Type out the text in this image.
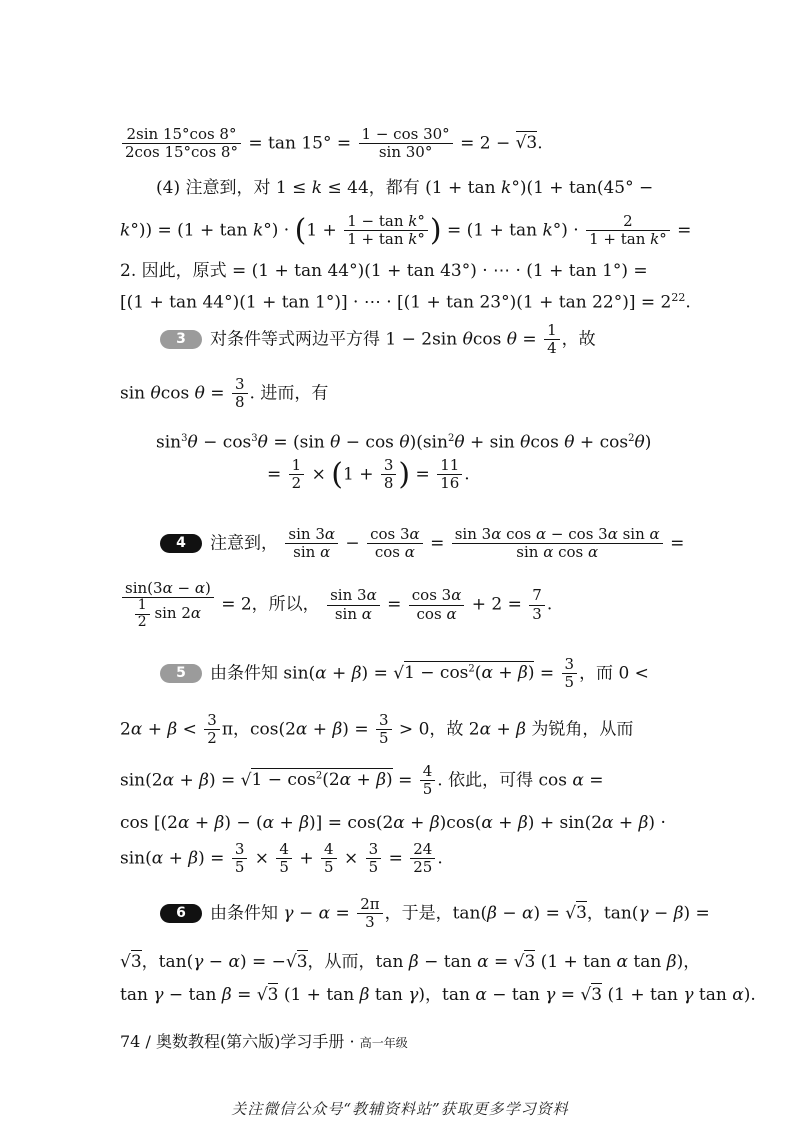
$\frac{2\sin 15^\circ\cos 8^\circ}{2\cos 15^\circ\cos 8^\circ} = \tan 15^\circ = \frac{1 - \cos 30^\circ}{\sin 30^\circ} = 2 - √3$.
(4) 注意到，对 1 ≤ k ≤ 44，都有 (1 + tan k°)(1 + tan(45° −
$k^\circ)) = (1 + \tan k^\circ) \cdot (1 + \frac{\text{1 − tan k°}}{\text{1 + tan k°}}$ ) = $(1 + \tan k^\circ) \cdot \frac{2}{\text{1 + tan k°}}$ =
2. 因此，原式 = (1 + tan 44°)(1 + tan 43°) · ⋯ · (1 + tan 1°) =
[(1 + tan 44°)(1 + tan 1°)] · ⋯ · $[(1 + \tan 23^\circ)(1 + \tan 22^\circ)] = 2^{22}$.
3 对条件等式两边平方得 1 − 2sin θcos $\theta = \frac{1}{4}$ ，故
sin θcos $\theta = \frac{3}{8}$ . 进而，有
$\sin^3\theta - \cos^3\theta = (\sin$ $\theta - \cos \theta)(\sin^2\theta + \sin \theta\cos$ $\theta + \cos^2\theta$)
= $\frac{1}{2} \times (1 + \frac{3}{8}$ ) = $\frac{11}{16}$ .
4 注意到， $\frac{\sin 3\alpha}{\text{sin α}} - \frac{\cos 3\alpha}{\text{cos α}} = \frac{\text{sin 3α cos α − cos 3α sin α}}{\text{sin α cos α}}$ =
$\frac{\sin(3\alpha - \alpha)}{\frac{1}{2} \sin 2\alpha} = 2$，所以， $\frac{\sin 3\alpha}{\text{sin α}} = \frac{\cos 3\alpha}{\text{cos α}} + 2 = \frac{7}{3}$ .
5 由条件知 $\sin(\alpha + \beta) = √1 - \cos^2(\alpha + \beta) = \frac{3}{5}$ ，而 0 <
$2\alpha + \beta < \frac{3}{2}$ π，$\cos(2\alpha + \beta) = \frac{3}{5} > 0$，故 2α + β 为锐角，从而
$\sin(2\alpha + \beta) = √1 - \cos^2(2\alpha + \beta) = \frac{4}{5}$ . 依此，可得 cos α =
cos [(2α + β) − (α + β)] = cos(2α + β)cos(α + β) + sin(2α + β) ·
$\sin(\alpha + \beta) = \frac{3}{5} \times \frac{4}{5} + \frac{4}{5} \times \frac{3}{5} = \frac{24}{25}$ .
6 由条件知 $\gamma - \alpha = \frac{2\pi}{3}$ ，于是，tan(β − α) = √3，tan(γ − β) =
√3，tan(γ − α) = −√3，从而，tan β − tan α = √3 (1 + tan α tan β)，
tan γ − tan β = √3 (1 + tan β tan γ)，tan α − tan γ = √3 (1 + tan γ tan α).
74 / 奥数教程(第六版)学习手册 · 高一年级
关注微信公众号“教辅资料站”获取更多学习资料
